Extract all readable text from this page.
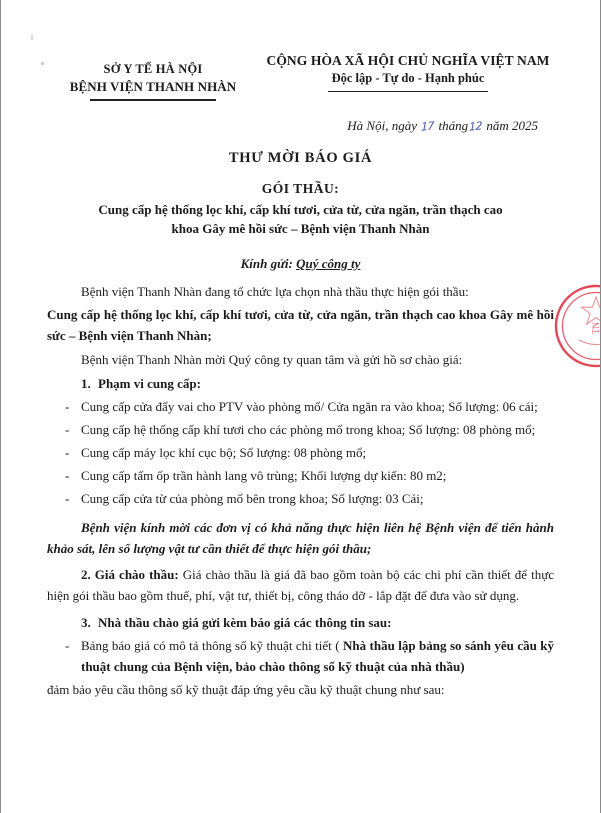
SỞ Y TẾ HÀ NỘI
BỆNH VIỆN THANH NHÀN
CỘNG HÒA XÃ HỘI CHỦ NGHĨA VIỆT NAM
Độc lập - Tự do - Hạnh phúc
Hà Nội, ngày 17 tháng12 năm 2025
THƯ MỜI BÁO GIÁ
GÓI THẦU:
Cung cấp hệ thống lọc khí, cấp khí tươi, cửa từ, cửa ngăn, trần thạch cao
khoa Gây mê hồi sức – Bệnh viện Thanh Nhàn
Kính gửi: Quý công ty

Bệnh viện Thanh Nhàn đang tổ chức lựa chọn nhà thầu thực hiện gói thầu:

Cung cấp hệ thống lọc khí, cấp khí tươi, cửa từ, cửa ngăn, trần thạch cao khoa Gây mê hồi sức – Bệnh viện Thanh Nhàn;

Bệnh viện Thanh Nhàn mời Quý công ty quan tâm và gửi hồ sơ chào giá:

1. Phạm vi cung cấp:
- Cung cấp cửa đẩy vai cho PTV vào phòng mổ/ Cửa ngăn ra vào khoa; Số lượng: 06 cái;
- Cung cấp hệ thống cấp khí tươi cho các phòng mổ trong khoa; Số lượng: 08 phòng mổ;
- Cung cấp máy lọc khí cục bộ; Số lượng: 08 phòng mổ;
- Cung cấp tấm ốp trần hành lang vô trùng; Khối lượng dự kiến: 80 m2;
- Cung cấp cửa từ của phòng mổ bên trong khoa; Số lượng: 03 Cái;

Bệnh viện kính mời các đơn vị có khả năng thực hiện liên hệ Bệnh viện để tiến hành khảo sát, lên số lượng vật tư cần thiết để thực hiện gói thầu;

2. Giá chào thầu: Giá chào thầu là giá đã bao gồm toàn bộ các chi phí cần thiết để thực hiện gói thầu bao gồm thuế, phí, vật tư, thiết bị, công tháo dỡ - lắp đặt để đưa vào sử dụng.

3. Nhà thầu chào giá gửi kèm báo giá các thông tin sau:
- Bảng báo giá có mô tả thông số kỹ thuật chi tiết ( Nhà thầu lập bảng so sánh yêu cầu kỹ thuật chung của Bệnh viện, bảo chào thông số kỹ thuật của nhà thầu)

đảm bảo yêu cầu thông số kỹ thuật đáp ứng yêu cầu kỹ thuật chung như sau:

TN
